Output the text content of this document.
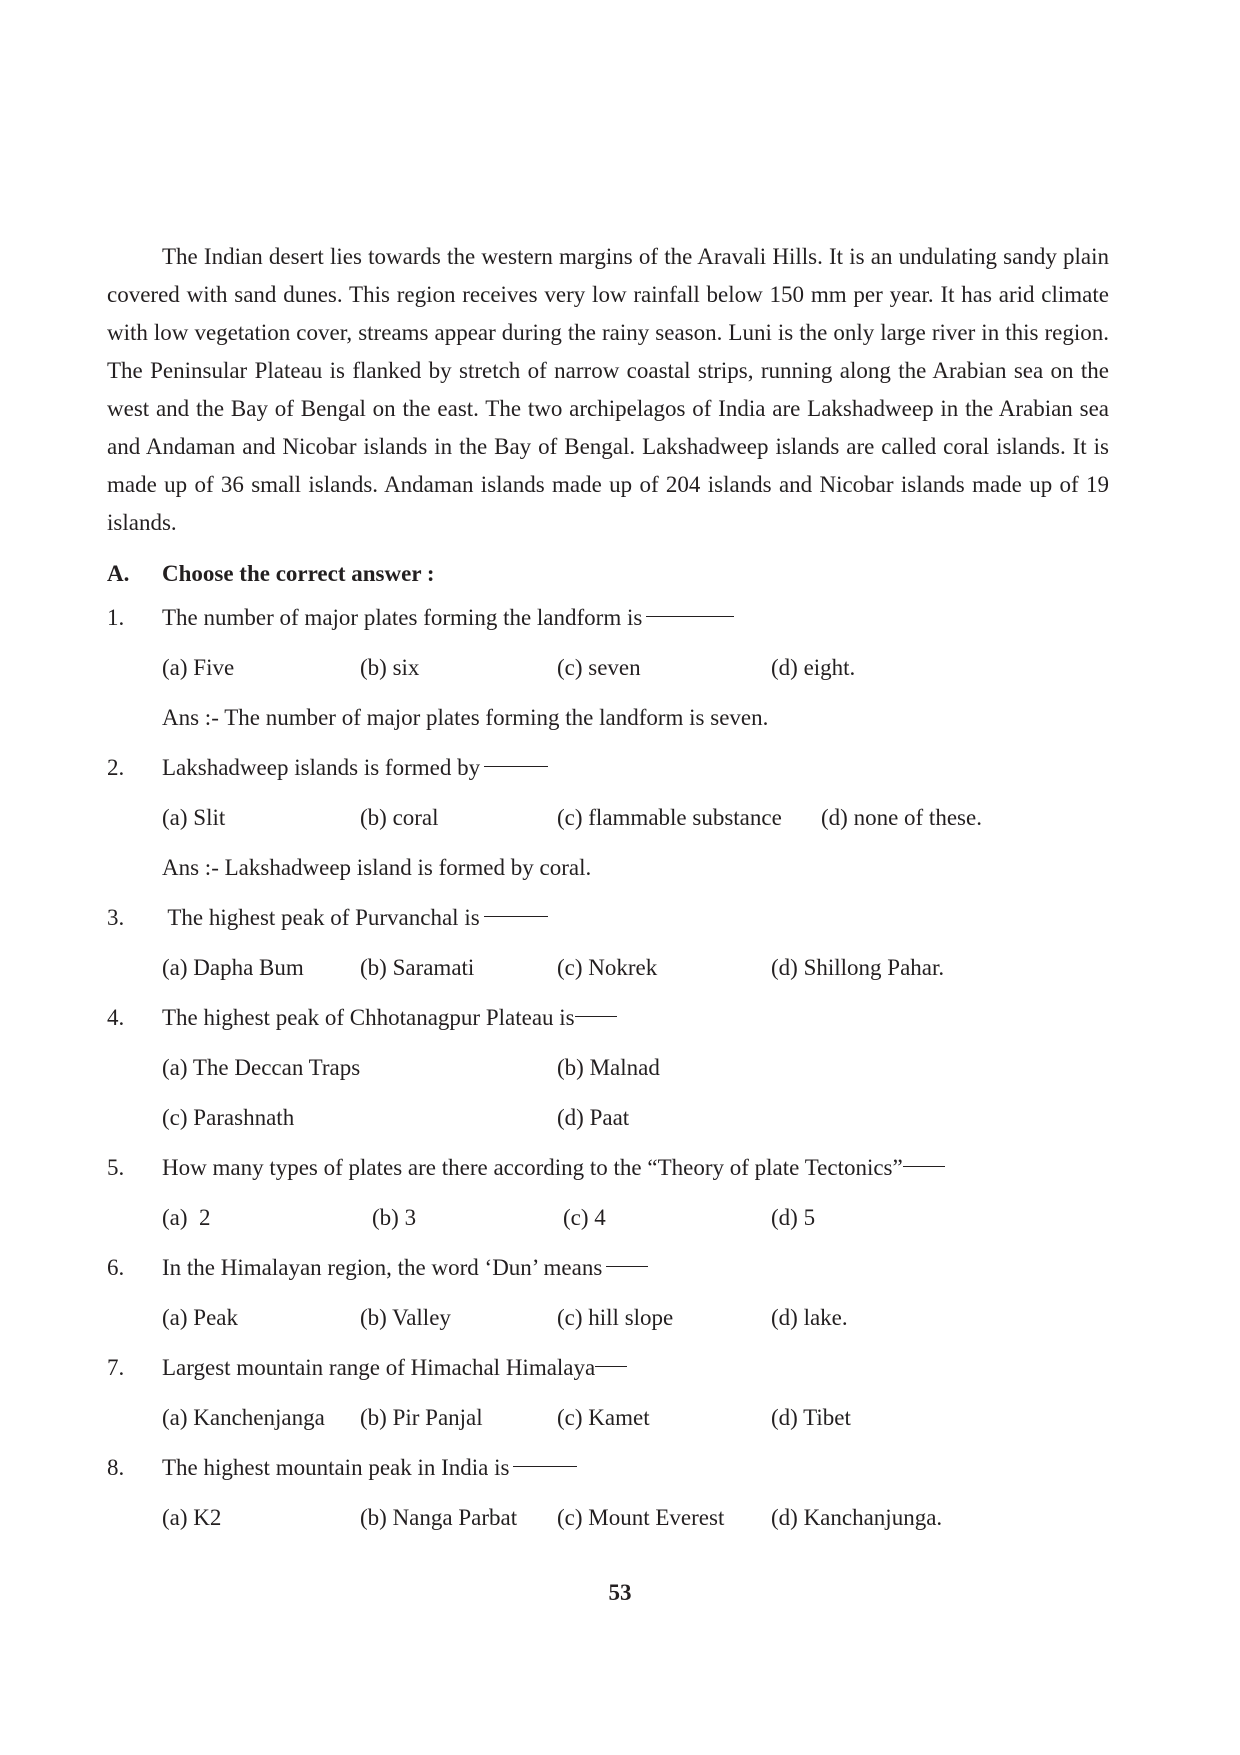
The Indian desert lies towards the western margins of the Aravali Hills. It is an undulating sandy plain covered with sand dunes. This region receives very low rainfall below 150 mm per year. It has arid climate with low vegetation cover, streams appear during the rainy season. Luni is the only large river in this region. The Peninsular Plateau is flanked by stretch of narrow coastal strips, running along the Arabian sea on the west and the Bay of Bengal on the east. The two archipelagos of India are Lakshadweep in the Arabian sea and Andaman and Nicobar islands in the Bay of Bengal. Lakshadweep islands are called coral islands. It is made up of 36 small islands. Andaman islands made up of 204 islands and Nicobar islands made up of 19 islands.

A.	Choose the correct answer :
1.	The number of major plates forming the landform is
(a) Five	(b) six	(c) seven	(d) eight.
Ans :- The number of major plates forming the landform is seven.
2.	Lakshadweep islands is formed by
(a) Slit	(b) coral	(c) flammable substance (d) none of these.
Ans :- Lakshadweep island is formed by coral.
3.	The highest peak of Purvanchal is
(a) Dapha Bum (b) Saramati	(c) Nokrek	(d) Shillong Pahar.
4.	The highest peak of Chhotanagpur Plateau is
(a) The Deccan Traps	(b) Malnad
(c) Parashnath	(d) Paat
5.	How many types of plates are there according to the “Theory of plate Tectonics”
(a)  2	(b) 3	(c) 4	(d) 5
6.	In the Himalayan region, the word ‘Dun’ means
(a) Peak	(b) Valley	(c) hill slope	(d) lake.
7.	Largest mountain range of Himachal Himalaya
(a) Kanchenjanga (b) Pir Panjal	(c) Kamet	(d) Tibet
8.	The highest mountain peak in India is
(a) K2	(b) Nanga Parbat (c) Mount Everest (d) Kanchanjunga.
53
